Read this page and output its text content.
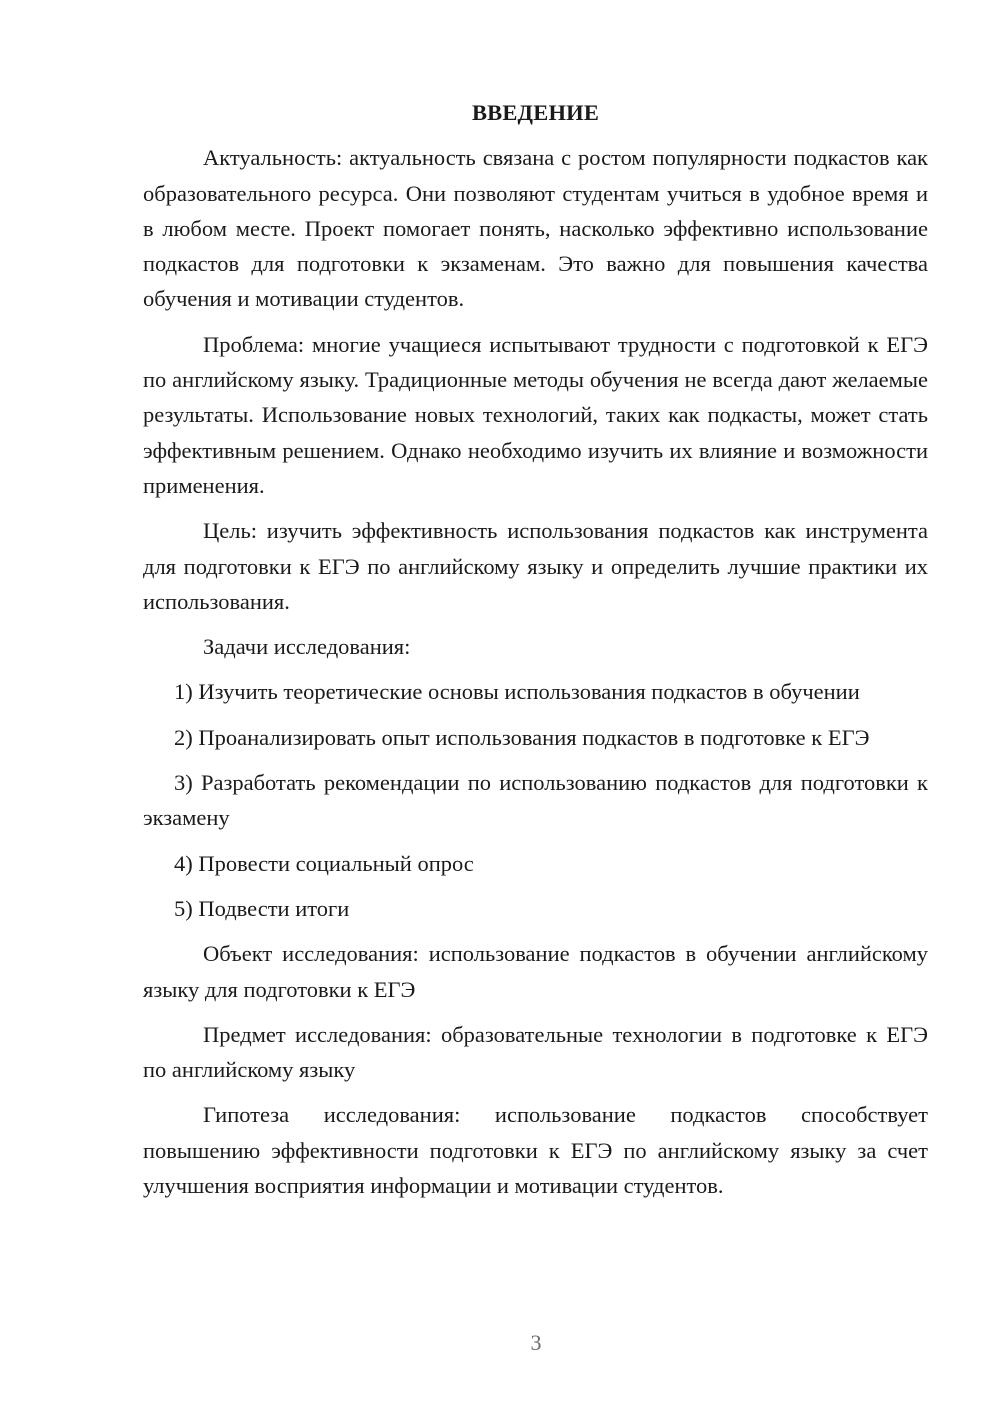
ВВЕДЕНИЕ

Актуальность: актуальность связана с ростом популярности подкастов как образовательного ресурса. Они позволяют студентам учиться в удобное время и в любом месте. Проект помогает понять, насколько эффективно использование подкастов для подготовки к экзаменам. Это важно для повышения качества обучения и мотивации студентов.

Проблема: многие учащиеся испытывают трудности с подготовкой к ЕГЭ по английскому языку. Традиционные методы обучения не всегда дают желаемые результаты. Использование новых технологий, таких как подкасты, может стать эффективным решением. Однако необходимо изучить их влияние и возможности применения.

Цель: изучить эффективность использования подкастов как инструмента для подготовки к ЕГЭ по английскому языку и определить лучшие практики их использования.

Задачи исследования:

1) Изучить теоретические основы использования подкастов в обучении

2) Проанализировать опыт использования подкастов в подготовке к ЕГЭ

3) Разработать рекомендации по использованию подкастов для подготовки к экзамену

4) Провести социальный опрос

5) Подвести итоги

Объект исследования: использование подкастов в обучении английскому языку для подготовки к ЕГЭ

Предмет исследования: образовательные технологии в подготовке к ЕГЭ по английскому языку

Гипотеза исследования: использование подкастов способствует повышению эффективности подготовки к ЕГЭ по английскому языку за счет улучшения восприятия информации и мотивации студентов.

3
